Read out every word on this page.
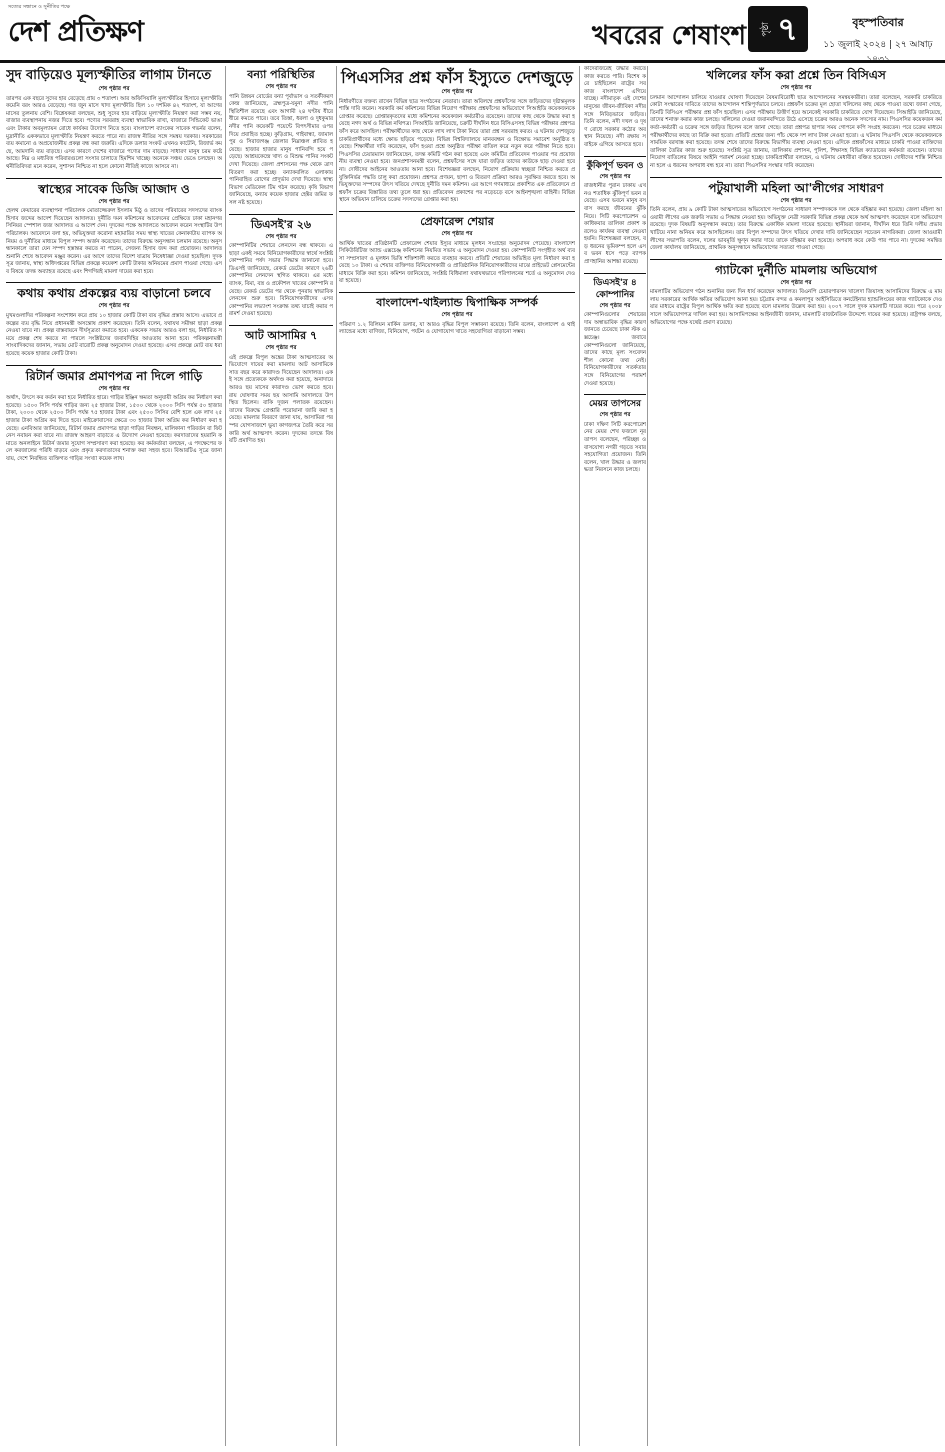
সত্যের সন্ধানে ও সুনীতির পক্ষে
দেশ প্রতিক্ষণ	খবরের শেষাংশ	পৃষ্ঠা ৭	বৃহস্পতিবার
১১ জুলাই ২০২৪ | ২৭ আষাঢ় ১৪৩১
সুদ বাড়িয়েও মূল্যস্ফীতির লাগাম টানতে
শেষ পৃষ্ঠার পর
তারপর এক বছরে সুদের হার বেড়েছে প্রায় ৩ শতাংশ। আর অফিসিয়ালি মূল্যস্ফীতির হিসাবে মূল্যস্ফীতি কমেনি বরং আরও বেড়েছে। গত জুন মাসে খাদ্য মূল্যস্ফীতি ছিল ১০ দশমিক ৪২ শতাংশ, যা আগের মাসের তুলনায় বেশি। বিশ্লেষকরা বলছেন, শুধু সুদের হার বাড়িয়ে মূল্যস্ফীতি নিয়ন্ত্রণ করা সম্ভব নয়, বাজার ব্যবস্থাপনায় নজর দিতে হবে। পণ্যের সরবরাহ ব্যবস্থা স্বাভাবিক রাখা, বাজারে সিন্ডিকেট ভাঙা এবং টাকার অবমূল্যায়ন রোধে কার্যকর উদ্যোগ নিতে হবে। বাংলাদেশ ব্যাংকের সাবেক গভর্নর বলেন, মুদ্রানীতি এককভাবে মূল্যস্ফীতি নিয়ন্ত্রণ করতে পারে না। রাজস্ব নীতির সঙ্গে সমন্বয় দরকার। সরকারের ব্যয় কমানো ও অপ্রয়োজনীয় প্রকল্প বন্ধ করা জরুরি। এদিকে ডলার সংকট এখনও কাটেনি, রিজার্ভ কমছে, আমদানি ব্যয় বাড়ছে। এসব কারণে দেশের বাজারে পণ্যের দাম বাড়ছে। সাধারণ মানুষ চরম কষ্টে আছে। নিম্ন ও মধ্যবিত্ত পরিবারগুলো সংসার চালাতে হিমশিম খাচ্ছে। অনেকে সঞ্চয় ভেঙে চলছেন। অর্থনীতিবিদরা মনে করেন, সুশাসন নিশ্চিত না হলে কোনো নীতিই কাজে আসবে না।
স্বাস্থ্যের সাবেক ডিজি আজাদ ও
শেষ পৃষ্ঠার পর
হেলথ কেয়ারের ব্যবস্থাপনা পরিচালক মোতাজ্জেরুল ইসলাম মিঠু ও তাদের পরিবারের সদস্যদের ব্যাংক হিসাব জব্দের আদেশ দিয়েছেন আদালত। দুর্নীতি দমন কমিশনের আবেদনের প্রেক্ষিতে ঢাকা মহানগর সিনিয়র স্পেশাল জজ আদালত এ আদেশ দেন। দুদকের পক্ষে আদালতে আবেদন করেন সংস্থাটির উপপরিচালক। আবেদনে বলা হয়, অভিযুক্তরা করোনা মহামারির সময় স্বাস্থ্য খাতের কেনাকাটায় ব্যাপক অনিয়ম ও দুর্নীতির মাধ্যমে বিপুল সম্পদ অর্জন করেছেন। তাদের বিরুদ্ধে অনুসন্ধান চলমান রয়েছে। অনুসন্ধানকালে তারা যেন সম্পদ হস্তান্তর করতে না পারেন, সেজন্য হিসাব জব্দ করা প্রয়োজন। আদালত শুনানি শেষে আবেদন মঞ্জুর করেন। এর আগে তাদের বিদেশ যাত্রায় নিষেধাজ্ঞা দেওয়া হয়েছিল। দুদক সূত্র জানায়, স্বাস্থ্য অধিদপ্তরের বিভিন্ন প্রকল্পে কয়েকশ কোটি টাকার অনিয়মের প্রমাণ পাওয়া গেছে। এসব বিষয়ে তদন্ত অব্যাহত রয়েছে এবং শিগগিরই মামলা দায়ের করা হবে।
কথায় কথায় প্রকল্পের ব্যয় বাড়ানো চলবে
শেষ পৃষ্ঠার পর
মুখমণ্ডলাদির পরিকল্পনা সংশোধন করে প্রায় ১০ হাজার কোটি টাকা ব্যয় বৃদ্ধির প্রস্তাব আসে। এভাবে প্রকল্পের ব্যয় বৃদ্ধি নিয়ে প্রধানমন্ত্রী অসন্তোষ প্রকাশ করেছেন। তিনি বলেন, যথাযথ সমীক্ষা ছাড়া প্রকল্প নেওয়া যাবে না। প্রকল্প বাস্তবায়নে দীর্ঘসূত্রতা কমাতে হবে। একনেক সভায় আরও বলা হয়, নির্ধারিত সময়ে প্রকল্প শেষ করতে না পারলে সংশ্লিষ্টদের জবাবদিহির আওতায় আনা হবে। পরিকল্পনামন্ত্রী সাংবাদিকদের জানান, সভায় মোট বারোটি প্রকল্প অনুমোদন দেওয়া হয়েছে। এসব প্রকল্পে মোট ব্যয় ধরা হয়েছে কয়েক হাজার কোটি টাকা।
রিটার্ন জমার প্রমাণপত্র না দিলে গাড়ি
শেষ পৃষ্ঠার পর
অর্থাৎ, উৎসে কর কর্তন করা হবে নির্ধারিত হারে। গাড়ির ইঞ্জিন ক্ষমতা অনুযায়ী অগ্রিম কর নির্ধারণ করা হয়েছে। ১৫০০ সিসি পর্যন্ত গাড়ির জন্য ২৫ হাজার টাকা, ১৫০০ থেকে ২০০০ সিসি পর্যন্ত ৫০ হাজার টাকা, ২০০০ থেকে ২৫০০ সিসি পর্যন্ত ৭৫ হাজার টাকা এবং ২৫০০ সিসির বেশি হলে এক লাখ ২৫ হাজার টাকা অগ্রিম কর দিতে হবে। মাইক্রোবাসের ক্ষেত্রে ৩০ হাজার টাকা অগ্রিম কর নির্ধারণ করা হয়েছে। এনবিআর জানিয়েছে, রিটার্ন জমার প্রমাণপত্র ছাড়া গাড়ির নিবন্ধন, মালিকানা পরিবর্তন বা ফিটনেস নবায়ন করা যাবে না। রাজস্ব আহরণ বাড়াতে এ উদ্যোগ নেওয়া হয়েছে। করদাতাদের হয়রানি কমাতে অনলাইনে রিটার্ন জমার সুযোগ সম্প্রসারণ করা হয়েছে। কর কর্মকর্তারা বলছেন, এ পদক্ষেপের ফলে করজালের পরিধি বাড়বে এবং প্রকৃত করদাতাদের শনাক্ত করা সহজ হবে। বিআরটিএ সূত্রে জানা যায়, দেশে নিবন্ধিত ব্যক্তিগত গাড়ির সংখ্যা কয়েক লাখ।
বন্যা পরিস্থিতির
শেষ পৃষ্ঠার পর
পানি উন্নয়ন বোর্ডের বন্যা পূর্বাভাস ও সতর্কীকরণ কেন্দ্র জানিয়েছে, ব্রহ্মপুত্র-যমুনা নদীর পানি স্থিতিশীল রয়েছে এবং আগামী ২৪ ঘণ্টায় ধীরে ধীরে কমতে পারে। তবে তিস্তা, ধরলা ও দুধকুমার নদীর পানি কয়েকটি পয়েন্টে বিপৎসীমার ওপর দিয়ে প্রবাহিত হচ্ছে। কুড়িগ্রাম, গাইবান্ধা, জামালপুর ও সিরাজগঞ্জ জেলার নিম্নাঞ্চল প্লাবিত হয়েছে। হাজার হাজার মানুষ পানিবন্দি হয়ে পড়েছে। আশ্রয়কেন্দ্রে খাদ্য ও বিশুদ্ধ পানির সংকট দেখা দিয়েছে। জেলা প্রশাসনের পক্ষ থেকে ত্রাণ বিতরণ করা হচ্ছে। বন্যাকবলিত এলাকায় পানিবাহিত রোগের প্রাদুর্ভাব দেখা দিয়েছে। স্বাস্থ্য বিভাগ মেডিকেল টিম গঠন করেছে। কৃষি বিভাগ জানিয়েছে, বন্যায় কয়েক হাজার হেক্টর জমির ফসল নষ্ট হয়েছে।
ডিএসই'র ২৬
শেষ পৃষ্ঠার পর
কোম্পানিটির শেয়ারে লেনদেন বন্ধ থাকবে। এছাড়া একই সময়ে বিনিয়োগকারীদের স্বার্থে সংশ্লিষ্ট কোম্পানির পর্ষদ সভার সিদ্ধান্ত জানানো হবে। ডিএসই জানিয়েছে, রেকর্ড ডেটের কারণে ২৬টি কোম্পানির লেনদেন স্থগিত থাকবে। এর মধ্যে ব্যাংক, বিমা, বস্ত্র ও প্রকৌশল খাতের কোম্পানি রয়েছে। রেকর্ড ডেটের পর থেকে পুনরায় স্বাভাবিক লেনদেন শুরু হবে। বিনিয়োগকারীদের এসব কোম্পানির লভ্যাংশ সংক্রান্ত তথ্য যাচাই করার পরামর্শ দেওয়া হয়েছে।
আট আসামির ৭
শেষ পৃষ্ঠার পর
এই প্রকল্পে বিপুল অঙ্কের টাকা আত্মসাতের অভিযোগে দায়ের করা মামলায় আট আসামিকে সাত বছর করে কারাদণ্ড দিয়েছেন আদালত। একই সঙ্গে প্রত্যেককে অর্থদণ্ড করা হয়েছে, অনাদায়ে আরও ছয় মাসের কারাদণ্ড ভোগ করতে হবে। রায় ঘোষণার সময় ছয় আসামি আদালতে উপস্থিত ছিলেন। বাকি দুজন পলাতক রয়েছেন। তাদের বিরুদ্ধে গ্রেপ্তারি পরোয়ানা জারি করা হয়েছে। মামলার বিবরণে জানা যায়, আসামিরা পরস্পর যোগসাজশে ভুয়া কাগজপত্র তৈরি করে সরকারি অর্থ আত্মসাৎ করেন। দুদকের তদন্তে বিষয়টি প্রমাণিত হয়।
পিএসসির প্রশ্ন ফাঁস ইস্যুতে দেশজুড়ে
শেষ পৃষ্ঠার পর
নির্ধারণীতে বক্তব্য রাখেন বিভিন্ন ছাত্র সংগঠনের নেতারা। তারা অবিলম্বে প্রশ্নফাঁসের সঙ্গে জড়িতদের দৃষ্টান্তমূলক শাস্তি দাবি করেন। সরকারি কর্ম কমিশনের বিভিন্ন নিয়োগ পরীক্ষায় প্রশ্নফাঁসের অভিযোগে সিআইডি কয়েকজনকে গ্রেপ্তার করেছে। গ্রেপ্তারকৃতদের মধ্যে কমিশনের কয়েকজন কর্মচারীও রয়েছেন। তাদের কাছ থেকে উদ্ধার করা হয়েছে নগদ অর্থ ও বিভিন্ন নথিপত্র। সিআইডি জানিয়েছে, চক্রটি দীর্ঘদিন ধরে বিসিএসসহ বিভিন্ন পরীক্ষার প্রশ্নপত্র ফাঁস করে আসছিল। পরীক্ষার্থীদের কাছ থেকে লাখ লাখ টাকা নিয়ে তারা প্রশ্ন সরবরাহ করত। এ ঘটনায় দেশজুড়ে চাকরিপ্রার্থীদের মধ্যে ক্ষোভ ছড়িয়ে পড়েছে। বিভিন্ন বিশ্ববিদ্যালয়ে মানববন্ধন ও বিক্ষোভ সমাবেশ অনুষ্ঠিত হয়েছে। শিক্ষার্থীরা দাবি করেছেন, ফাঁস হওয়া প্রশ্নে অনুষ্ঠিত পরীক্ষা বাতিল করে নতুন করে পরীক্ষা নিতে হবে। পিএসসির চেয়ারম্যান জানিয়েছেন, তদন্ত কমিটি গঠন করা হয়েছে এবং কমিটির প্রতিবেদন পাওয়ার পর প্রয়োজনীয় ব্যবস্থা নেওয়া হবে। জনপ্রশাসনমন্ত্রী বলেন, প্রশ্নফাঁসের সঙ্গে যারা জড়িত তাদের কাউকে ছাড় দেওয়া হবে না। দোষীদের আইনের আওতায় আনা হবে। বিশেষজ্ঞরা বলছেন, নিয়োগ প্রক্রিয়ায় স্বচ্ছতা নিশ্চিত করতে প্রযুক্তিনির্ভর পদ্ধতি চালু করা প্রয়োজন। প্রশ্নপত্র প্রণয়ন, ছাপা ও বিতরণ প্রক্রিয়া আরও সুরক্ষিত করতে হবে। অভিযুক্তদের সম্পদের উৎস খতিয়ে দেখছে দুর্নীতি দমন কমিশন। এর আগে গণমাধ্যমে প্রকাশিত এক প্রতিবেদনে প্রশ্নফাঁস চক্রের বিস্তারিত তথ্য তুলে ধরা হয়। প্রতিবেদন প্রকাশের পর নড়েচড়ে বসে আইনশৃঙ্খলা বাহিনী। বিভিন্ন স্থানে অভিযান চালিয়ে চক্রের সদস্যদের গ্রেপ্তার করা হয়।
প্রেফারেন্স শেয়ার
শেষ পৃষ্ঠার পর
আর্থিক খাতের প্রতিষ্ঠানটি প্রেফারেন্স শেয়ার ইস্যুর মাধ্যমে মূলধন সংগ্রহের অনুমোদন পেয়েছে। বাংলাদেশ সিকিউরিটিজ অ্যান্ড এক্সচেঞ্জ কমিশনের নিয়মিত সভায় এ অনুমোদন দেওয়া হয়। কোম্পানিটি সংগৃহীত অর্থ ব্যবসা সম্প্রসারণ ও মূলধন ভিত্তি শক্তিশালী করতে ব্যবহার করবে। প্রতিটি শেয়ারের অভিহিত মূল্য নির্ধারণ করা হয়েছে ১০ টাকা। এ শেয়ার ব্যক্তিগত বিনিয়োগকারী ও প্রাতিষ্ঠানিক বিনিয়োগকারীদের মাঝে প্রাইভেট প্লেসমেন্টের মাধ্যমে বিক্রি করা হবে। কমিশন জানিয়েছে, সংশ্লিষ্ট বিধিমালা যথাযথভাবে পরিপালনের শর্তে এ অনুমোদন দেওয়া হয়েছে।
বাংলাদেশ-থাইল্যান্ড দ্বিপাক্ষিক সম্পর্ক
শেষ পৃষ্ঠার পর
পরিমাণ ১.২ বিলিয়ন মার্কিন ডলার, যা আরও বৃদ্ধির বিপুল সম্ভাবনা রয়েছে। তিনি বলেন, বাংলাদেশ ও থাইল্যান্ডের মধ্যে বাণিজ্য, বিনিয়োগ, পর্যটন ও যোগাযোগ খাতে সহযোগিতা বাড়ানো সম্ভব।
কাদেরজিরেই উদ্ধার করতে কাজ করতে পারি। বিশেষ করে চাইছিলেন রাষ্ট্রের সব কাজ বাংলাদেশ এগিয়ে যাচ্ছে। নদীমাতৃক এই দেশের মানুষের জীবন-জীবিকা নদীর সঙ্গে নিবিড়ভাবে জড়িত। তিনি বলেন, নদী দখল ও দূষণ রোধে সরকার কঠোর অবস্থান নিয়েছে। নদী রক্ষায় সবাইকে এগিয়ে আসতে হবে।
কুঁকিপূর্ণ ভবন ও
শেষ পৃষ্ঠার পর
রাজধানীর পুরান ঢাকায় এখনও শতাধিক ঝুঁকিপূর্ণ ভবন রয়েছে। এসব ভবনে মানুষ বসবাস করছে জীবনের ঝুঁকি নিয়ে। সিটি করপোরেশন একাধিকবার তালিকা প্রকাশ করলেও কার্যকর ব্যবস্থা নেওয়া হয়নি। বিশেষজ্ঞরা বলছেন, বড় ধরনের ভূমিকম্প হলে এসব ভবন ধসে পড়ে ব্যাপক প্রাণহানির আশঙ্কা রয়েছে।
ডিএসই'র ৪ কোম্পানির
শেষ পৃষ্ঠার পর
কোম্পানিগুলোর শেয়ারের দাম অস্বাভাবিক বৃদ্ধির কারণ জানতে চেয়েছে ঢাকা স্টক এক্সচেঞ্জ। জবাবে কোম্পানিগুলো জানিয়েছে, তাদের কাছে মূল্য সংবেদনশীল কোনো তথ্য নেই। বিনিয়োগকারীদের সতর্কতার সঙ্গে বিনিয়োগের পরামর্শ দেওয়া হয়েছে।
মেয়র তাপসের
শেষ পৃষ্ঠার পর
ঢাকা দক্ষিণ সিটি করপোরেশনের মেয়র শেখ ফজলে নূর তাপস বলেছেন, পরিচ্ছন্ন ও বাসযোগ্য নগরী গড়তে সবার সহযোগিতা প্রয়োজন। তিনি বলেন, খাল উদ্ধার ও জলাবদ্ধতা নিরসনে কাজ চলছে।
খলিলের ফাঁস করা প্রশ্নে তিন বিসিএস
শেষ পৃষ্ঠার পর
চলমান আন্দোলন চালিয়ে যাওয়ার ঘোষণা দিয়েছেন বৈষম্যবিরোধী ছাত্র আন্দোলনের সমন্বয়কারীরা। তারা বলেছেন, সরকারি চাকরিতে কোটা সংস্কারের দাবিতে তাদের আন্দোলন শান্তিপূর্ণভাবে চলবে। প্রশ্নফাঁস চক্রের মূল হোতা খলিলের কাছ থেকে পাওয়া তথ্যে জানা গেছে, তিনটি বিসিএস পরীক্ষার প্রশ্ন ফাঁস হয়েছিল। এসব পরীক্ষায় উত্তীর্ণ হয়ে অনেকেই সরকারি চাকরিতে যোগ দিয়েছেন। সিআইডি জানিয়েছে, তাদের শনাক্ত করার কাজ চলছে। খলিলের দেওয়া জবানবন্দিতে উঠে এসেছে চক্রের আরও অনেক সদস্যের নাম। পিএসসির কয়েকজন কর্মকর্তা-কর্মচারী এ চক্রের সঙ্গে জড়িত ছিলেন বলে জানা গেছে। তারা প্রশ্নপত্র ছাপার সময় গোপনে কপি সংগ্রহ করতেন। পরে চক্রের মাধ্যমে পরীক্ষার্থীদের কাছে তা বিক্রি করা হতো। প্রতিটি প্রশ্নের জন্য পাঁচ থেকে দশ লাখ টাকা নেওয়া হতো। এ ঘটনায় পিএসসি থেকে কয়েকজনকে সাময়িক বরখাস্ত করা হয়েছে। তদন্ত শেষে তাদের বিরুদ্ধে বিভাগীয় ব্যবস্থা নেওয়া হবে। এদিকে প্রশ্নফাঁসের মাধ্যমে চাকরি পাওয়া ব্যক্তিদের তালিকা তৈরির কাজ শুরু হয়েছে। সংশ্লিষ্ট সূত্র জানায়, তালিকায় প্রশাসন, পুলিশ, শিক্ষাসহ বিভিন্ন ক্যাডারের কর্মকর্তা রয়েছেন। তাদের নিয়োগ বাতিলের বিষয়ে আইনি পরামর্শ নেওয়া হচ্ছে। চাকরিপ্রার্থীরা বলছেন, এ ঘটনায় মেধাবীরা বঞ্চিত হয়েছেন। দোষীদের শাস্তি নিশ্চিত না হলে এ ধরনের অপরাধ বন্ধ হবে না। তারা পিএসসির সংস্কার দাবি করেছেন।
পটুয়াখালী মহিলা আ'লীগের সাধারণ
শেষ পৃষ্ঠার পর
তিনি বলেন, প্রায় ৯ কোটি টাকা আত্মসাতের অভিযোগে সংগঠনের সাধারণ সম্পাদককে দল থেকে বহিষ্কার করা হয়েছে। জেলা মহিলা আওয়ামী লীগের এক জরুরি সভায় এ সিদ্ধান্ত নেওয়া হয়। অভিযুক্ত নেত্রী সরকারি বিভিন্ন প্রকল্প থেকে অর্থ আত্মসাৎ করেছেন বলে অভিযোগ রয়েছে। দুদক বিষয়টি অনুসন্ধান করছে। তার বিরুদ্ধে একাধিক মামলা দায়ের হয়েছে। স্থানীয়রা জানান, দীর্ঘদিন ধরে তিনি দলীয় প্রভাব খাটিয়ে নানা অনিয়ম করে আসছিলেন। তার বিপুল সম্পদের উৎস খতিয়ে দেখার দাবি জানিয়েছেন সচেতন নাগরিকরা। জেলা আওয়ামী লীগের সভাপতি বলেন, দলের ভাবমূর্তি ক্ষুণ্ন করার দায়ে তাকে বহিষ্কার করা হয়েছে। অপরাধ করে কেউ পার পাবে না। দুদকের সমন্বিত জেলা কার্যালয় জানিয়েছে, প্রাথমিক অনুসন্ধানে অভিযোগের সত্যতা পাওয়া গেছে।
গ্যাটকো দুর্নীতি মামলায় অভিযোগ
শেষ পৃষ্ঠার পর
মামলাটির অভিযোগ গঠন শুনানির জন্য দিন ধার্য করেছেন আদালত। বিএনপি চেয়ারপারসন খালেদা জিয়াসহ আসামিদের বিরুদ্ধে এ মামলায় সরকারের আর্থিক ক্ষতির অভিযোগ আনা হয়। চট্টগ্রাম বন্দর ও কমলাপুর আইসিডিতে কনটেইনার হ্যান্ডলিংয়ের কাজ গ্যাটকোকে দেওয়ার মাধ্যমে রাষ্ট্রের বিপুল আর্থিক ক্ষতি করা হয়েছে বলে মামলায় উল্লেখ করা হয়। ২০০৭ সালে দুদক মামলাটি দায়ের করে। পরে ২০০৮ সালে অভিযোগপত্র দাখিল করা হয়। আসামিপক্ষের আইনজীবী জানান, মামলাটি রাজনৈতিক উদ্দেশ্যে দায়ের করা হয়েছে। রাষ্ট্রপক্ষ বলছে, অভিযোগের পক্ষে যথেষ্ট প্রমাণ রয়েছে।
